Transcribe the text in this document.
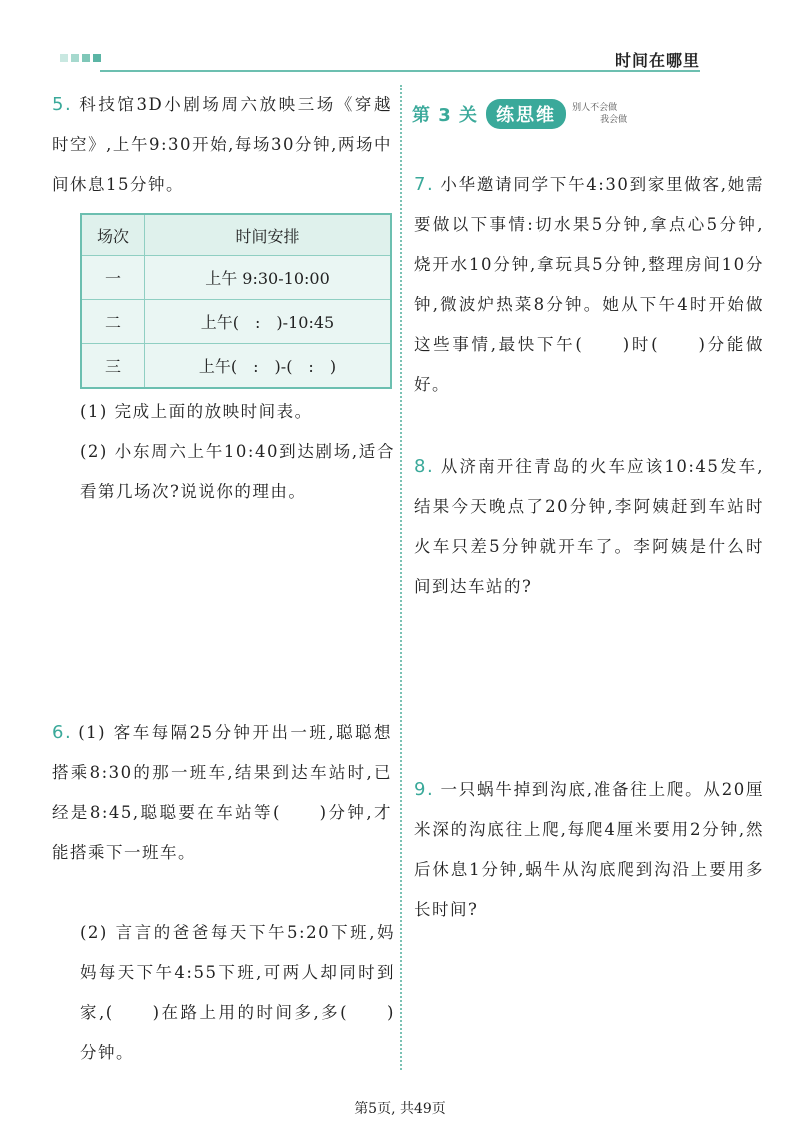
时间在哪里
5. 科技馆3D小剧场周六放映三场《穿越时空》,上午9:30开始,每场30分钟,两场中间休息15分钟。
场次	时间安排
一	上午 9:30-10:00
二	上午(　:　)-10:45
三	上午(　:　)-(　:　)
(1) 完成上面的放映时间表。
(2) 小东周六上午10:40到达剧场,适合看第几场次?说说你的理由。
6. (1) 客车每隔25分钟开出一班,聪聪想搭乘8:30的那一班车,结果到达车站时,已经是8:45,聪聪要在车站等(　　)分钟,才能搭乘下一班车。
(2) 言言的爸爸每天下午5:20下班,妈妈每天下午4:55下班,可两人却同时到家,(　　)在路上用的时间多,多(　　)分钟。
第 3 关	练思维	别人不会做
我会做
7. 小华邀请同学下午4:30到家里做客,她需要做以下事情:切水果5分钟,拿点心5分钟,烧开水10分钟,拿玩具5分钟,整理房间10分钟,微波炉热菜8分钟。她从下午4时开始做这些事情,最快下午(　　)时(　　)分能做好。
8. 从济南开往青岛的火车应该10:45发车,结果今天晚点了20分钟,李阿姨赶到车站时火车只差5分钟就开车了。李阿姨是什么时间到达车站的?
9. 一只蜗牛掉到沟底,准备往上爬。从20厘米深的沟底往上爬,每爬4厘米要用2分钟,然后休息1分钟,蜗牛从沟底爬到沟沿上要用多长时间?
第5页, 共49页
